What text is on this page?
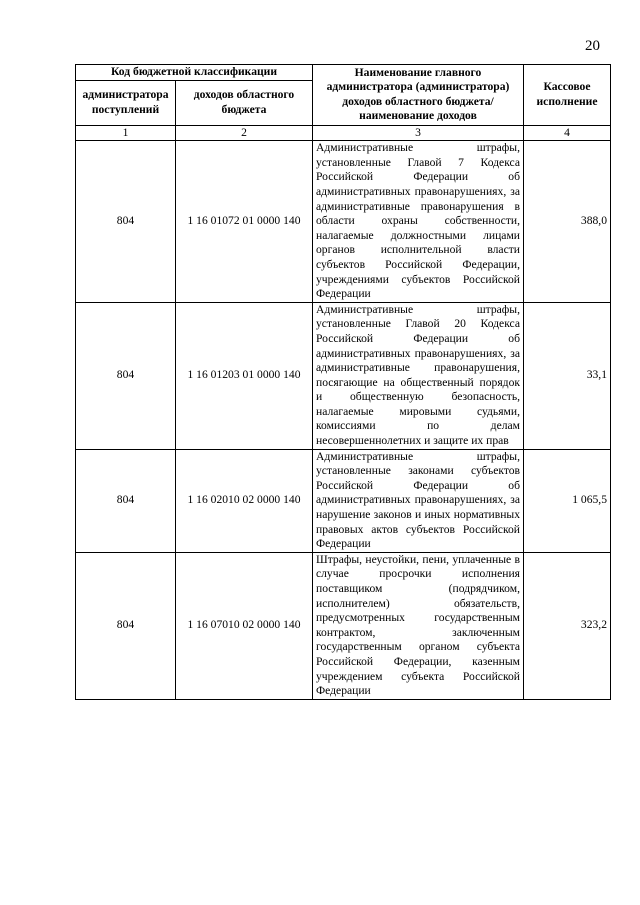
20
Код бюджетной классификации		Наименование главного администратора (администратора) доходов областного бюджета/ наименование доходов	Кассовое исполнение
администратора поступлений	доходов областного бюджета		
1	2	3	4
804	1 16 01072 01 0000 140	Административные штрафы, установленные Главой 7 Кодекса Российской Федерации об административных правонарушениях, за административные правонарушения в области охраны собственности, налагаемые должностными лицами органов исполнительной власти субъектов Российской Федерации, учреждениями субъектов Российской Федерации	388,0
804	1 16 01203 01 0000 140	Административные штрафы, установленные Главой 20 Кодекса Российской Федерации об административных правонарушениях, за административные правонарушения, посягающие на общественный порядок и общественную безопасность, налагаемые мировыми судьями, комиссиями по делам несовершеннолетних и защите их прав	33,1
804	1 16 02010 02 0000 140	Административные штрафы, установленные законами субъектов Российской Федерации об административных правонарушениях, за нарушение законов и иных нормативных правовых актов субъектов Российской Федерации	1 065,5
804	1 16 07010 02 0000 140	Штрафы, неустойки, пени, уплаченные в случае просрочки исполнения поставщиком (подрядчиком, исполнителем) обязательств, предусмотренных государственным контрактом, заключенным государственным органом субъекта Российской Федерации, казенным учреждением субъекта Российской Федерации	323,2
